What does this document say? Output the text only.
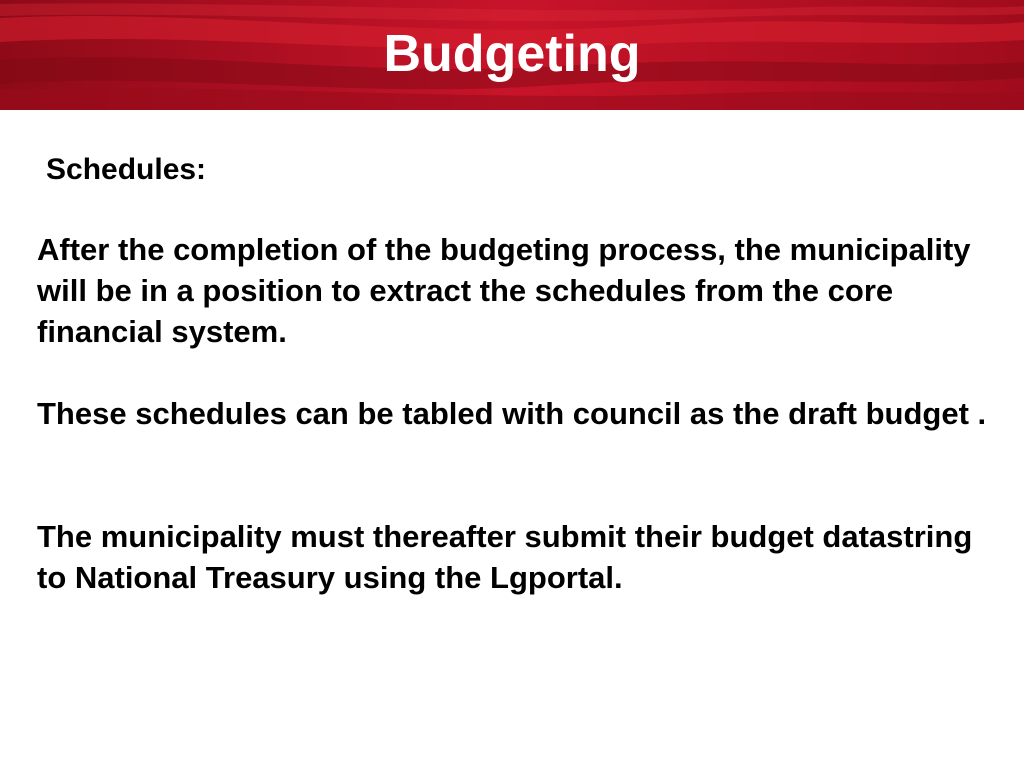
Budgeting

Schedules:

After the completion of the budgeting process, the municipality will be in a position to extract the schedules from the core financial system.

These schedules can be tabled with council as the draft budget .

The municipality must thereafter submit their budget datastring to National Treasury using the Lgportal.
